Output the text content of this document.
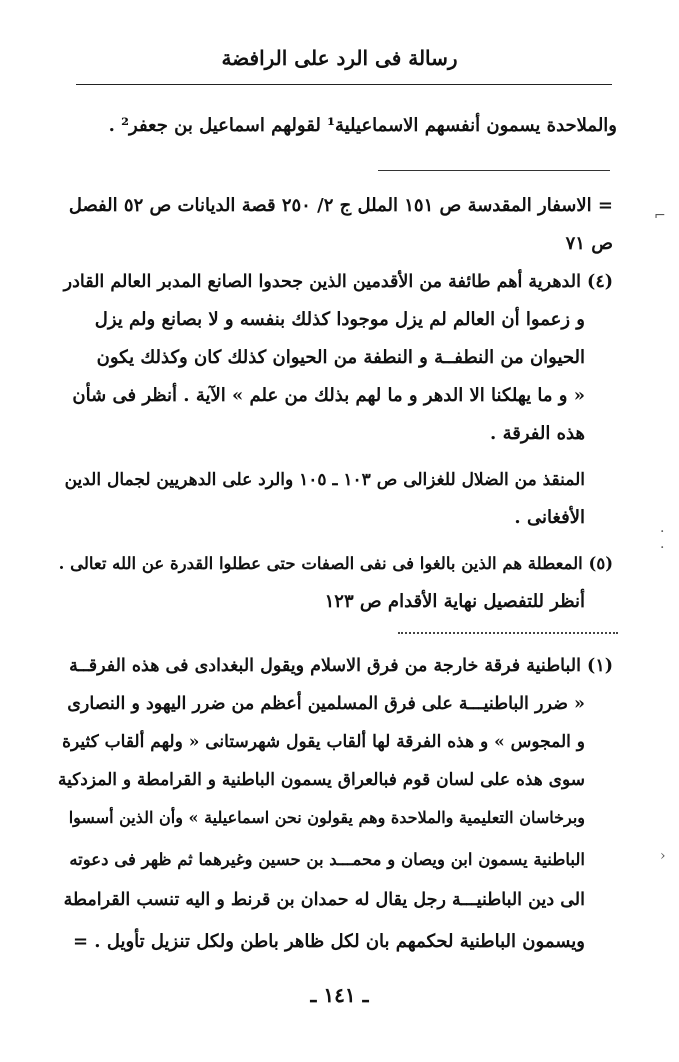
رسالة فى الرد على الرافضة
والملاحدة يسمون أنفسهم الاسماعيلية¹ لقولهم اسماعيل بن جعفر² .
= الاسفار المقدسة ص ١٥١ الملل ج ٢/ ٢٥٠ قصة الديانات ص ٥٢ الفصل
ص ٧١
(٤) الدهرية أهم طائفة من الأقدمين الذين جحدوا الصانع المدبر العالم القادر
و زعموا أن العالم لم يزل موجودا كذلك بنفسه و لا بصانع ولم يزل
الحيوان من النطفــة و النطفة من الحيوان كذلك كان وكذلك يكون
« و ما يهلكنا الا الدهر و ما لهم بذلك من علم » الآية . أنظر فى شأن
هذه الفرقة .
المنقذ من الضلال للغزالى ص ١٠٣ ـ ١٠٥ والرد على الدهريين لجمال الدين
الأفغانى .
(٥) المعطلة هم الذين بالغوا فى نفى الصفات حتى عطلوا القدرة عن الله تعالى .
أنظر للتفصيل نهاية الأقدام ص ١٢٣
(١) الباطنية فرقة خارجة من فرق الاسلام ويقول البغدادى فى هذه الفرقــة
« ضرر الباطنيـــة على فرق المسلمين أعظم من ضرر اليهود و النصارى
و المجوس » و هذه الفرقة لها ألقاب يقول شهرستانى « ولهم ألقاب كثيرة
سوى هذه على لسان قوم فبالعراق يسمون الباطنية و القرامطة و المزدكية
وبرخاسان التعليمية والملاحدة وهم يقولون نحن اسماعيلية » وأن الذين أسسوا
الباطنية يسمون ابن ويصان و محمـــد بن حسين وغيرهما ثم ظهر فى دعوته
الى دين الباطنيـــة رجل يقال له حمدان بن قرنط و اليه تنسب القرامطة
ويسمون الباطنية لحكمهم بان لكل ظاهر باطن ولكل تنزيل تأويل . =
ـ ١٤١ ـ
⌐
·
·
›
